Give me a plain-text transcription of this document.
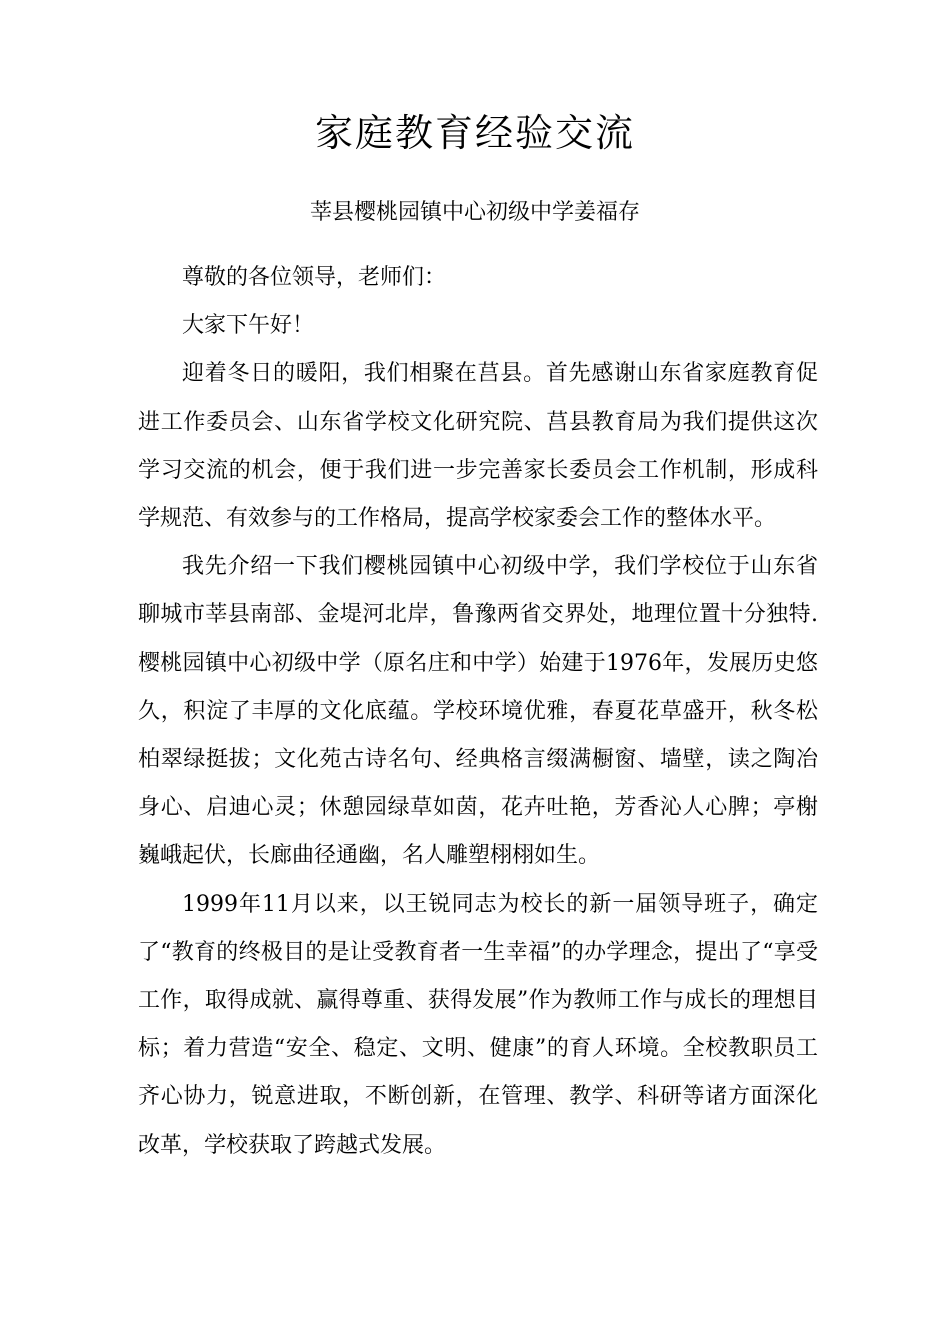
家庭教育经验交流

莘县樱桃园镇中心初级中学姜福存

尊敬的各位领导，老师们：

大家下午好！

迎着冬日的暖阳，我们相聚在莒县。首先感谢山东省家庭教育促进工作委员会、山东省学校文化研究院、莒县教育局为我们提供这次学习交流的机会，便于我们进一步完善家长委员会工作机制，形成科学规范、有效参与的工作格局，提高学校家委会工作的整体水平。

我先介绍一下我们樱桃园镇中心初级中学，我们学校位于山东省聊城市莘县南部、金堤河北岸，鲁豫两省交界处，地理位置十分独特.樱桃园镇中心初级中学（原名庄和中学）始建于1976年，发展历史悠久，积淀了丰厚的文化底蕴。学校环境优雅，春夏花草盛开，秋冬松柏翠绿挺拔；文化苑古诗名句、经典格言缀满橱窗、墙壁，读之陶冶身心、启迪心灵；休憩园绿草如茵，花卉吐艳，芳香沁人心脾；亭榭巍峨起伏，长廊曲径通幽，名人雕塑栩栩如生。

1999年11月以来，以王锐同志为校长的新一届领导班子，确定了“教育的终极目的是让受教育者一生幸福”的办学理念，提出了“享受工作，取得成就、赢得尊重、获得发展”作为教师工作与成长的理想目标；着力营造“安全、稳定、文明、健康”的育人环境。全校教职员工齐心协力，锐意进取，不断创新，在管理、教学、科研等诸方面深化改革，学校获取了跨越式发展。
